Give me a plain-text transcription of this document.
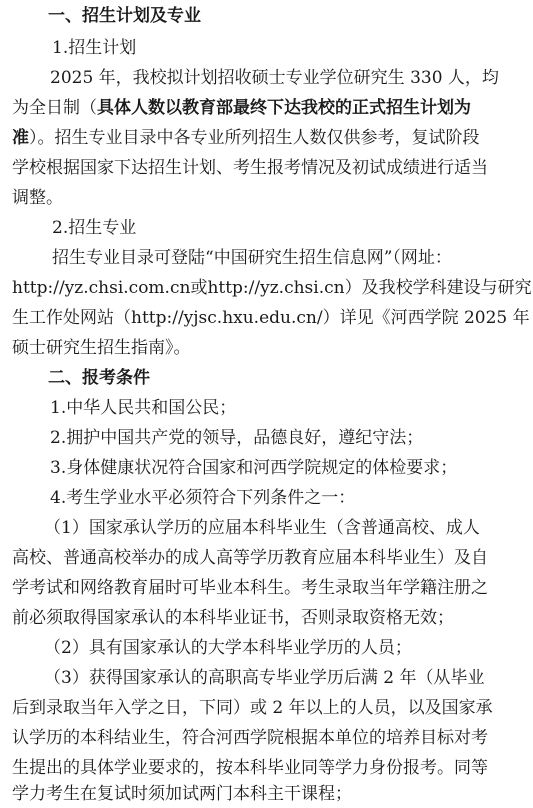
一、招生计划及专业
1.招生计划
2025 年，我校拟计划招收硕士专业学位研究生 330 人，均
为全日制（具体人数以教育部最终下达我校的正式招生计划为
准）。招生专业目录中各专业所列招生人数仅供参考，复试阶段
学校根据国家下达招生计划、考生报考情况及初试成绩进行适当
调整。
2.招生专业
招生专业目录可登陆“中国研究生招生信息网”（网址：
http://yz.chsi.com.cn 或 http://yz.chsi.cn）及我校学科建设与研究
生工作处网站（http://yjsc.hxu.edu.cn/）详见《河西学院 2025 年
硕士研究生招生指南》。
二、报考条件
1.中华人民共和国公民；
2.拥护中国共产党的领导，品德良好，遵纪守法；
3.身体健康状况符合国家和河西学院规定的体检要求；
4.考生学业水平必须符合下列条件之一：
（1）国家承认学历的应届本科毕业生（含普通高校、成人
高校、普通高校举办的成人高等学历教育应届本科毕业生）及自
学考试和网络教育届时可毕业本科生。考生录取当年学籍注册之
前必须取得国家承认的本科毕业证书，否则录取资格无效；
（2）具有国家承认的大学本科毕业学历的人员；
（3）获得国家承认的高职高专毕业学历后满 2 年（从毕业
后到录取当年入学之日，下同）或 2 年以上的人员，以及国家承
认学历的本科结业生，符合河西学院根据本单位的培养目标对考
生提出的具体学业要求的，按本科毕业同等学力身份报考。同等
学力考生在复试时须加试两门本科主干课程；
